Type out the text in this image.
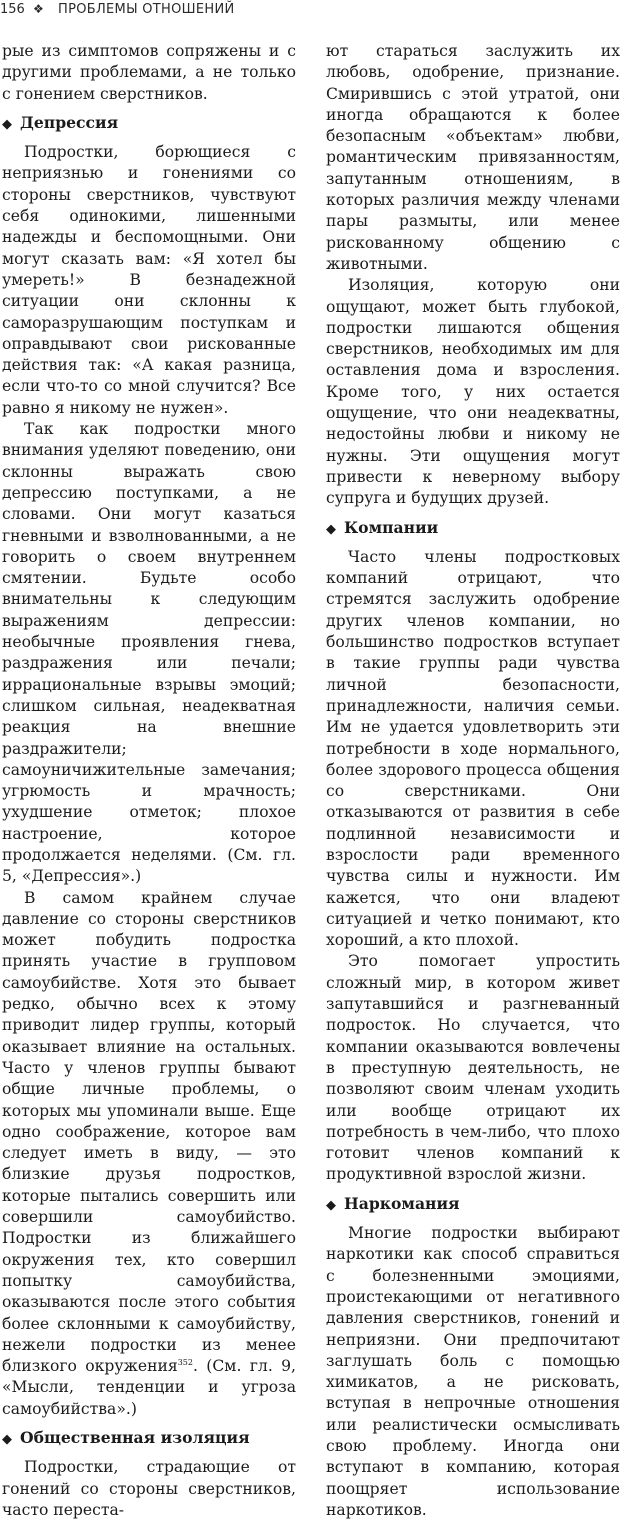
156 ❖ ПРОБЛЕМЫ ОТНОШЕНИЙ

рые из симптомов сопряжены и с другими проблемами, а не только с гонением сверстников.

◆ Депрессия

Подростки, борющиеся с неприязнью и гонениями со стороны сверстников, чувствуют себя одинокими, лишенными надежды и беспомощными. Они могут сказать вам: «Я хотел бы умереть!» В безнадежной ситуации они склонны к саморазрушающим поступкам и оправдывают свои рискованные действия так: «А какая разница, если что-то со мной случится? Все равно я никому не нужен».

Так как подростки много внимания уделяют поведению, они склонны выражать свою депрессию поступками, а не словами. Они могут казаться гневными и взволнованными, а не говорить о своем внутреннем смятении. Будьте особо внимательны к следующим выражениям депрессии: необычные проявления гнева, раздражения или печали; иррациональные взрывы эмоций; слишком сильная, неадекватная реакция на внешние раздражители; самоуничижительные замечания; угрюмость и мрачность; ухудшение отметок; плохое настроение, которое продолжается неделями. (См. гл. 5, «Депрессия».)

В самом крайнем случае давление со стороны сверстников может побудить подростка принять участие в групповом самоубийстве. Хотя это бывает редко, обычно всех к этому приводит лидер группы, который оказывает влияние на остальных. Часто у членов группы бывают общие личные проблемы, о которых мы упоминали выше. Еще одно соображение, которое вам следует иметь в виду, — это близкие друзья подростков, которые пытались совершить или совершили самоубийство. Подростки из ближайшего окружения тех, кто совершил попытку самоубийства, оказываются после этого события более склонными к самоубийству, нежели подростки из менее близкого окружения$^{352}$. (См. гл. 9, «Мысли, тенденции и угроза самоубийства».)

◆ Общественная изоляция

Подростки, страдающие от гонений со стороны сверстников, часто переста-

ют стараться заслужить их любовь, одобрение, признание. Смирившись с этой утратой, они иногда обращаются к более безопасным «объектам» любви, романтическим привязанностям, запутанным отношениям, в которых различия между членами пары размыты, или менее рискованному общению с животными.

Изоляция, которую они ощущают, может быть глубокой, подростки лишаются общения сверстников, необходимых им для оставления дома и взросления. Кроме того, у них остается ощущение, что они неадекватны, недостойны любви и никому не нужны. Эти ощущения могут привести к неверному выбору супруга и будущих друзей.

◆ Компании

Часто члены подростковых компаний отрицают, что стремятся заслужить одобрение других членов компании, но большинство подростков вступает в такие группы ради чувства личной безопасности, принадлежности, наличия семьи. Им не удается удовлетворить эти потребности в ходе нормального, более здорового процесса общения со сверстниками. Они отказываются от развития в себе подлинной независимости и взрослости ради временного чувства силы и нужности. Им кажется, что они владеют ситуацией и четко понимают, кто хороший, а кто плохой.

Это помогает упростить сложный мир, в котором живет запутавшийся и разгневанный подросток. Но случается, что компании оказываются вовлечены в преступную деятельность, не позволяют своим членам уходить или вообще отрицают их потребность в чем-либо, что плохо готовит членов компаний к продуктивной взрослой жизни.

◆ Наркомания

Многие подростки выбирают наркотики как способ справиться с болезненными эмоциями, проистекающими от негативного давления сверстников, гонений и неприязни. Они предпочитают заглушать боль с помощью химикатов, а не рисковать, вступая в непрочные отношения или реалистически осмысливать свою проблему. Иногда они вступают в компанию, которая поощряет использование наркотиков.
